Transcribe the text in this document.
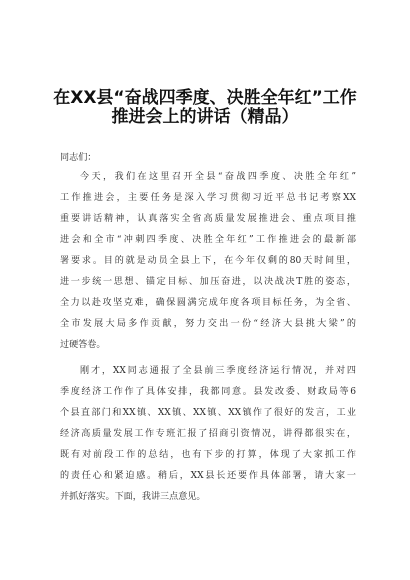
在XX县“奋战四季度、决胜全年红”工作
推进会上的讲话（精品）
同志们：
今天，我们在这里召开全县“奋战四季度、决胜全年红”
工作推进会，主要任务是深入学习贯彻习近平总书记考察XX
重要讲话精神，认真落实全省高质量发展推进会、重点项目推
进会和全市“冲刺四季度、决胜全年红”工作推进会的最新部
署要求。目的就是动员全县上下，在今年仅剩的80天时间里，
进一步统一思想、锚定目标、加压奋进，以决战决T胜的姿态，
全力以赴攻坚克难，确保圆满完成年度各项目标任务，为全省、
全市发展大局多作贡献，努力交出一份“经济大县挑大梁”的
过硬答卷。
刚才，XX同志通报了全县前三季度经济运行情况，并对四
季度经济工作作了具体安排，我都同意。县发改委、财政局等6
个县直部门和XX镇、XX镇、XX镇、XX镇作了很好的发言，工业
经济高质量发展工作专班汇报了招商引资情况，讲得都很实在，
既有对前段工作的总结，也有下步的打算，体现了大家抓工作
的责任心和紧迫感。稍后，XX县长还要作具体部署，请大家一
并抓好落实。下面，我讲三点意见。
